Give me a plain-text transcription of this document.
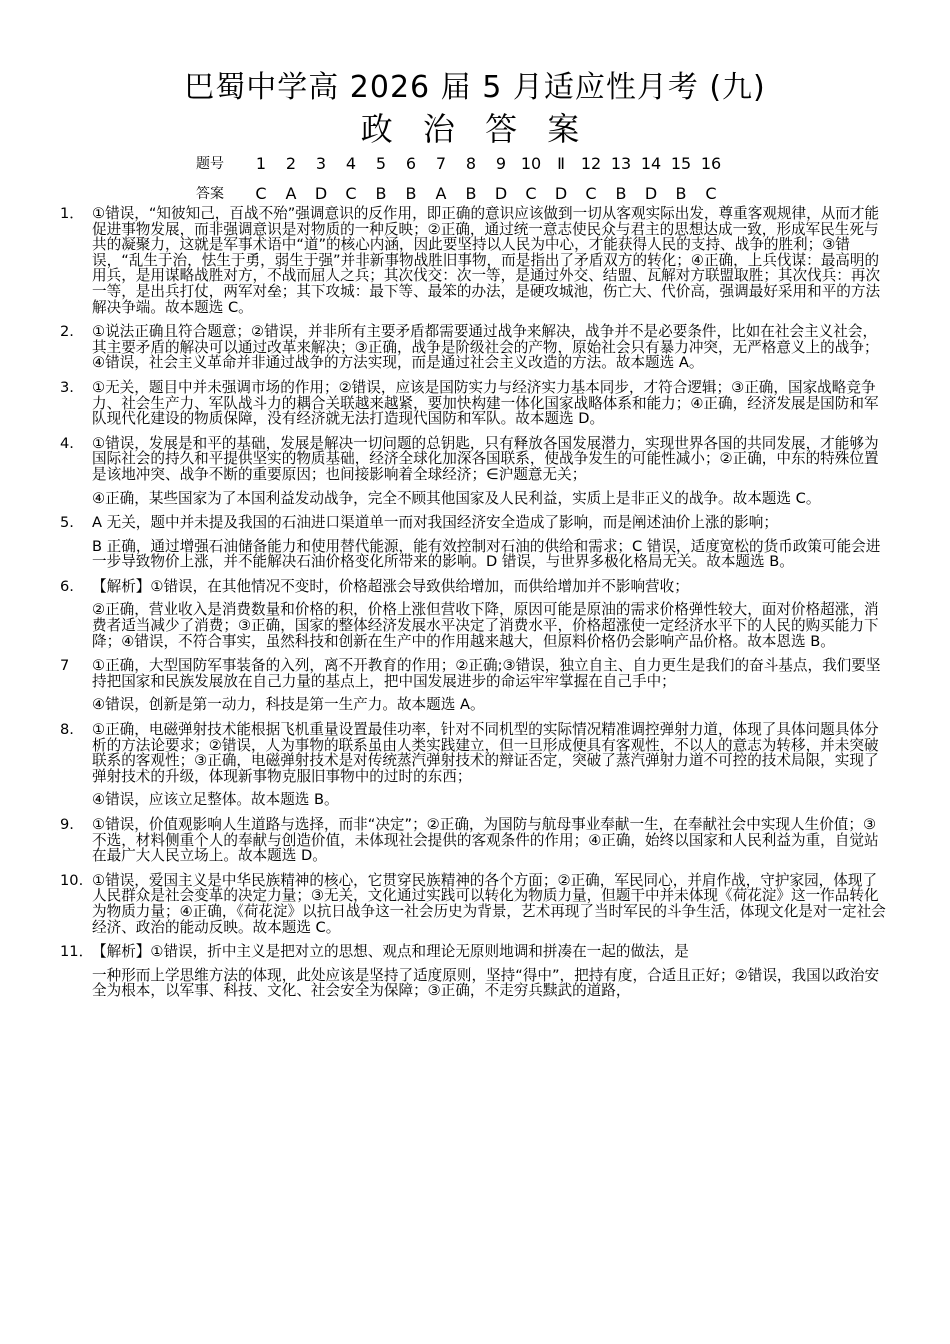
巴蜀中学高 2026 届 5 月适应性月考 (九)
政 治 答 案
题号	1	2	3	4	5	6	7	8	9	10	Ⅱ	12	13	14	15	16
答案	C	A	D	C	B	B	A	B	D	C	D	C	B	D	B	C
1． ①错误，“知彼知己，百战不殆”强调意识的反作用，即正确的意识应该做到一切从客观实际出发，尊重客观规律，从而才能促进事物发展，而非强调意识是对物质的一种反映；②正确，通过统一意志使民众与君主的思想达成一致，形成军民生死与共的凝聚力，这就是军事术语中“道”的核心内涵，因此要坚持以人民为中心，才能获得人民的支持、战争的胜利；③错误，“乱生于治，怯生于勇，弱生于强”并非新事物战胜旧事物，而是指出了矛盾双方的转化；④正确，上兵伐谋：最高明的用兵，是用谋略战胜对方，不战而屈人之兵；其次伐交：次一等，是通过外交、结盟、瓦解对方联盟取胜；其次伐兵：再次一等，是出兵打仗，两军对垒；其下攻城：最下等、最笨的办法，是硬攻城池，伤亡大、代价高，强调最好采用和平的方法解决争端。故本题选 C。

2.	①说法正确且符合题意；②错误，并非所有主要矛盾都需要通过战争来解决，战争并不是必要条件，比如在社会主义社会，其主要矛盾的解决可以通过改革来解决；③正确，战争是阶级社会的产物，原始社会只有暴力冲突，无严格意义上的战争；④错误，社会主义革命并非通过战争的方法实现，而是通过社会主义改造的方法。故本题选 A。

3.	①无关，题目中并未强调市场的作用；②错误，应该是国防实力与经济实力基本同步，才符合逻辑；③正确，国家战略竞争力、社会生产力、军队战斗力的耦合关联越来越紧，要加快构建一体化国家战略体系和能力；④正确，经济发展是国防和军队现代化建设的物质保障，没有经济就无法打造现代国防和军队。故本题选 D。

4.	①错误，发展是和平的基础，发展是解决一切问题的总钥匙，只有释放各国发展潜力，实现世界各国的共同发展，才能够为国际社会的持久和平提供坚实的物质基础，经济全球化加深各国联系，使战争发生的可能性减小；②正确，中东的特殊位置是该地冲突、战争不断的重要原因；也间接影响着全球经济；∈沪题意无关；

④正确，某些国家为了本国利益发动战争，完全不顾其他国家及人民利益，实质上是非正义的战争。故本题选 C。

5.	A 无关，题中并未提及我国的石油进口渠道单一而对我国经济安全造成了影响，而是阐述油价上涨的影响；

B 正确，通过增强石油储备能力和使用替代能源，能有效控制对石油的供给和需求；C 错误，适度宽松的货币政策可能会进一步导致物价上涨，并不能解决石油价格变化所带来的影响。D 错误，与世界多极化格局无关。故本题选 B。

6.	【解析】①错误，在其他情况不变时，价格超涨会导致供给增加，而供给增加并不影响营收；

②正确，营业收入是消费数量和价格的积，价格上涨但营收下降，原因可能是原油的需求价格弹性较大，面对价格超涨，消费者适当减少了消费；③正确，国家的整体经济发展水平决定了消费水平，价格超涨使一定经济水平下的人民的购买能力下降；④错误，不符合事实，虽然科技和创新在生产中的作用越来越大，但原料价格仍会影响产品价格。故本恩选 B。

7	①正确，大型国防军事装备的入列，离不开教育的作用；②正确;③错误，独立自主、自力更生是我们的奋斗基点，我们要坚持把国家和民族发展放在自己力量的基点上，把中国发展进步的命运牢牢掌握在自己手中；

④错误，创新是第一动力，科技是第一生产力。故本题选 A。

8.	①正确，电磁弹射技术能根据飞机重量设置最佳功率，针对不同机型的实际情况精准调控弹射力道，体现了具体问题具体分析的方法论要求；②错误，人为事物的联系虽由人类实践建立，但一旦形成便具有客观性，不以人的意志为转移，并未突破联系的客观性；③正确，电磁弹射技术是对传统蒸汽弹射技术的辩证否定，突破了蒸汽弹射力道不可控的技术局限，实现了弹射技术的升级，体现新事物克服旧事物中的过时的东西；

④错误，应该立足整体。故本题选 B。

9.	①错误，价值观影响人生道路与选择，而非“决定”；②正确，为国防与航母事业奉献一生，在奉献社会中实现人生价值；③不选，材料侧重个人的奉献与创造价值，未体现社会提供的客观条件的作用；④正确，始终以国家和人民利益为重，自觉站在最广大人民立场上。故本题选 D。

10. ①错误，爱国主义是中华民族精神的核心，它贯穿民族精神的各个方面；②正确，军民同心，并肩作战，守护家园，体现了人民群众是社会变革的决定力量；③无关，文化通过实践可以转化为物质力量，但题干中并未体现《荷花淀》这一作品转化为物质力量；④正确，《荷花淀》以抗日战争这一社会历史为背景，艺术再现了当时军民的斗争生活，体现文化是对一定社会经济、政治的能动反映。故本题选 C。

11．

【解析】①错误，折中主义是把对立的思想、观点和理论无原则地调和拼凑在一起的做法，是

一种形而上学思维方法的体现，此处应该是坚持了适度原则，坚持“得中”，把持有度，合适且正好；②错误，我国以政治安全为根本，以军事、科技、文化、社会安全为保障；③正确，不走穷兵黩武的道路，
